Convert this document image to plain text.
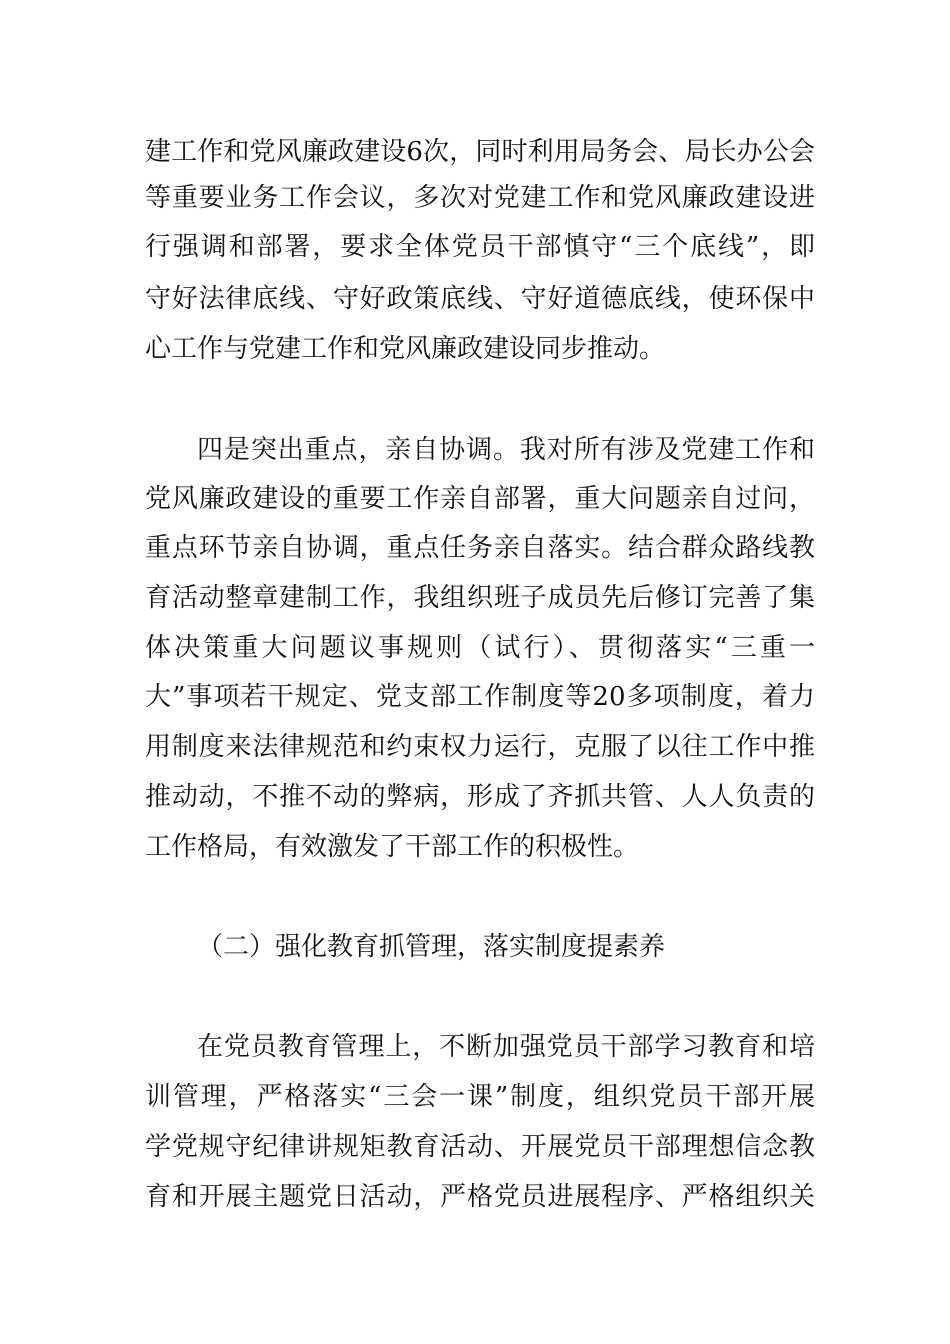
建工作和党风廉政建设6次，同时利用局务会、局长办公会
等重要业务工作会议，多次对党建工作和党风廉政建设进
行强调和部署，要求全体党员干部慎守“三个底线”，即
守好法律底线、守好政策底线、守好道德底线，使环保中
心工作与党建工作和党风廉政建设同步推动。
四是突出重点，亲自协调。我对所有涉及党建工作和
党风廉政建设的重要工作亲自部署，重大问题亲自过问，
重点环节亲自协调，重点任务亲自落实。结合群众路线教
育活动整章建制工作，我组织班子成员先后修订完善了集
体决策重大问题议事规则（试行）、贯彻落实“三重一
大”事项若干规定、党支部工作制度等20多项制度，着力
用制度来法律规范和约束权力运行，克服了以往工作中推
推动动，不推不动的弊病，形成了齐抓共管、人人负责的
工作格局，有效激发了干部工作的积极性。
（二）强化教育抓管理，落实制度提素养
在党员教育管理上，不断加强党员干部学习教育和培
训管理，严格落实“三会一课”制度，组织党员干部开展
学党规守纪律讲规矩教育活动、开展党员干部理想信念教
育和开展主题党日活动，严格党员进展程序、严格组织关
